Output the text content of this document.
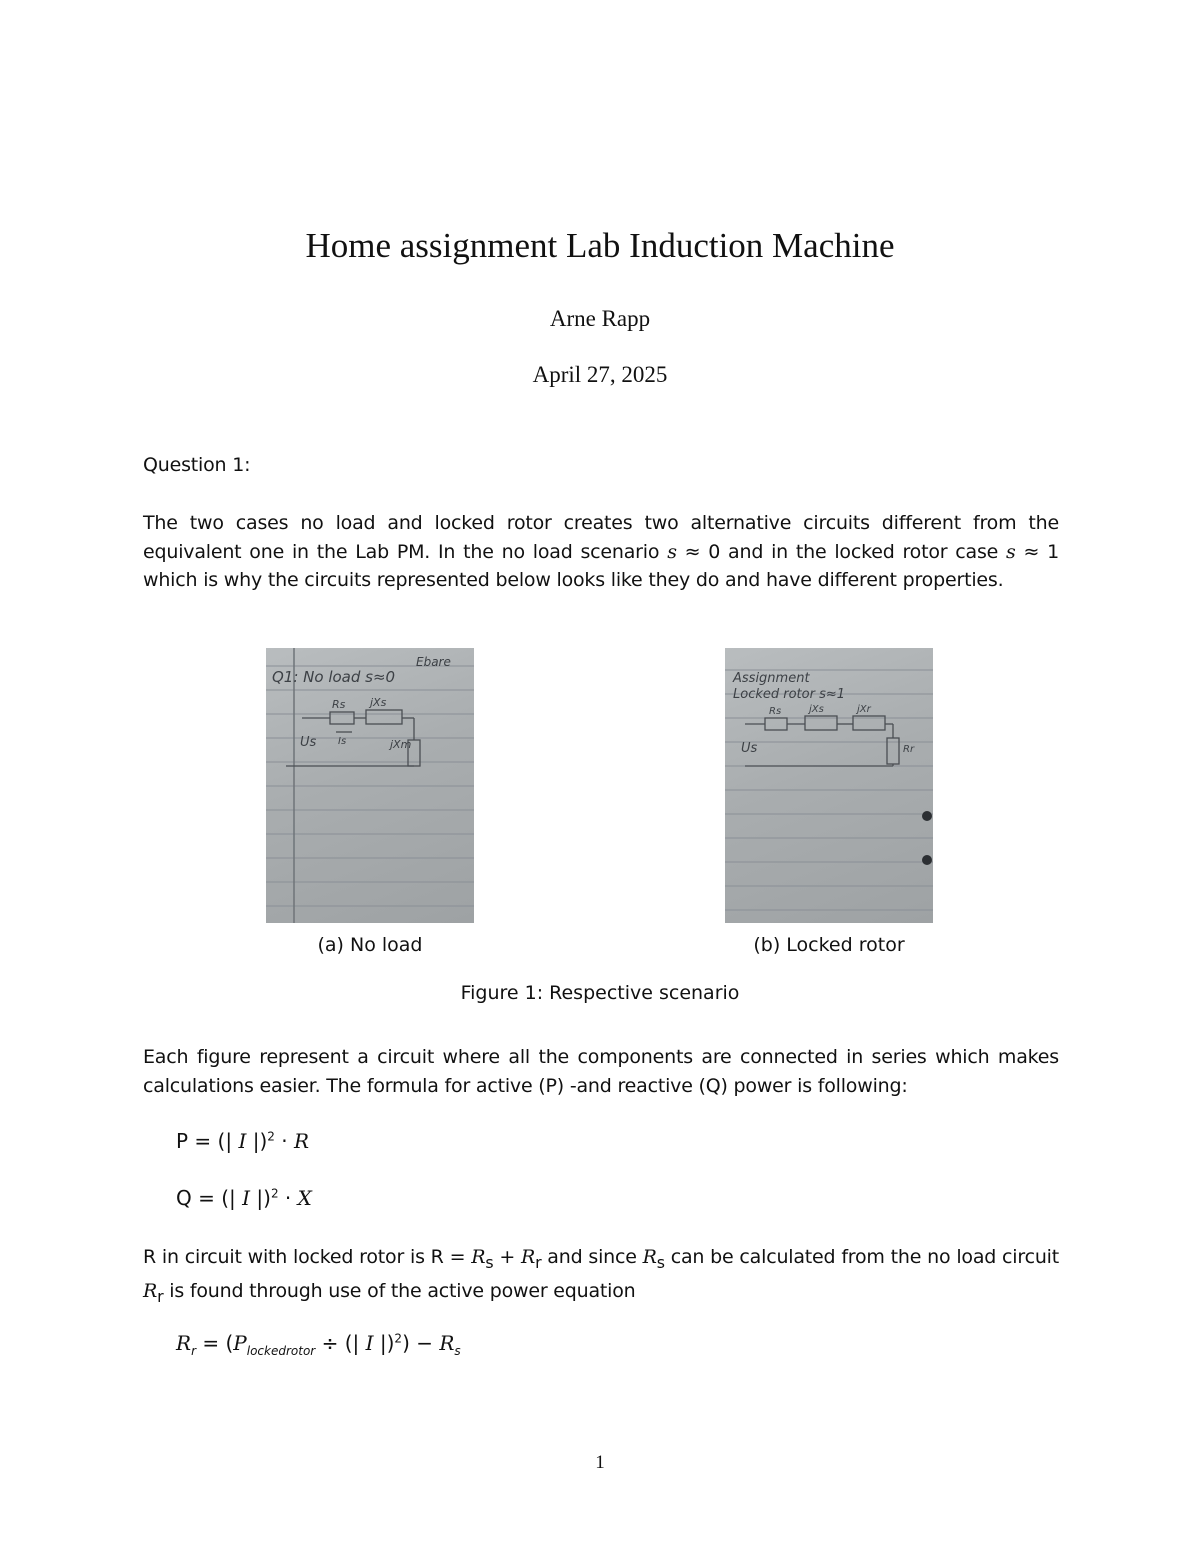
Home assignment Lab Induction Machine
Arne Rapp
April 27, 2025
Question 1:
The two cases no load and locked rotor creates two alternative circuits different from the equivalent one in the Lab PM. In the no load scenario s ≈ 0 and in the locked rotor case s ≈ 1 which is why the circuits represented below looks like they do and have different properties.
Q1: No load s≈0
Ebare
Rs jXs
Us Is	jXm
Assignment
Locked rotor s≈1
Rs	jXs	jXr
Rr
Us
(a) No load	(b) Locked rotor
Figure 1: Respective scenario
Each figure represent a circuit where all the components are connected in series which makes calculations easier. The formula for active (P) -and reactive (Q) power is following:
P = (| I |)$^2$ · R
Q = (| I |)$^2$ · X
R in circuit with locked rotor is $R = R_s + R_r$ and since $R_s$ can be calculated from the no load circuit $R_r$ is found through use of the active power equation
$R_r = (P_{lockedrotor}$ ÷ (| I $|)^2) - R_s$
1
